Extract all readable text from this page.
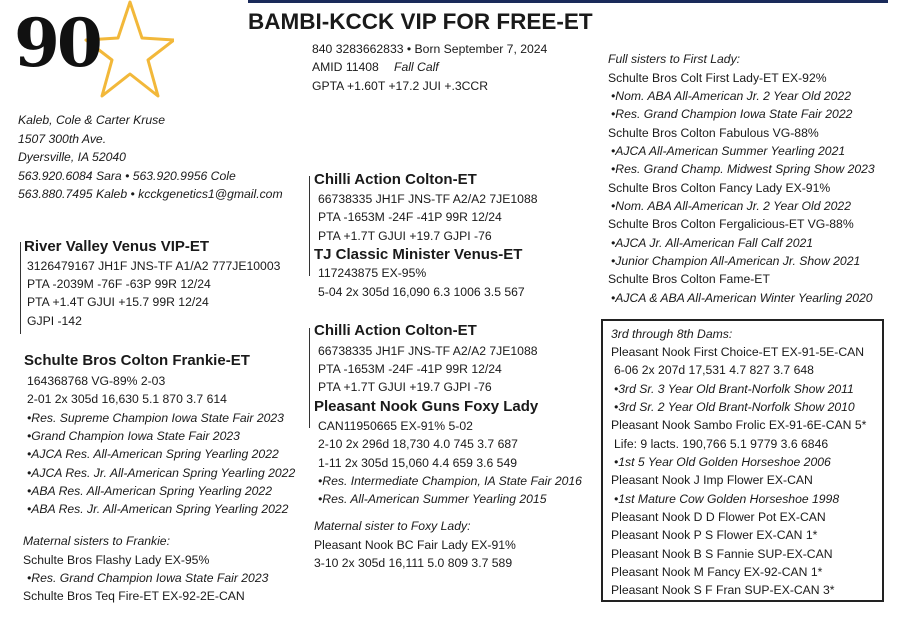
90	BAMBI-KCCK VIP FOR FREE-ET
840 3283662833 • Born September 7, 2024
AMID 11408 Fall Calf
GPTA +1.60T +17.2 JUI +.3CCR
Kaleb, Cole & Carter Kruse
1507 300th Ave.
Dyersville, IA 52040
563.920.6084 Sara • 563.920.9956 Cole
563.880.7495 Kaleb • kcckgenetics1@gmail.com
Chilli Action Colton-ET
66738335 JH1F JNS-TF A2/A2 7JE1088
PTA -1653M -24F -41P 99R 12/24
PTA +1.7T GJUI +19.7 GJPI -76
TJ Classic Minister Venus-ET
117243875 EX-95%
5-04 2x 305d 16,090 6.3 1006 3.5 567
River Valley Venus VIP-ET
3126479167 JH1F JNS-TF A1/A2 777JE10003
PTA -2039M -76F -63P 99R 12/24
PTA +1.4T GJUI +15.7 99R 12/24
GJPI -142
Schulte Bros Colton Frankie-ET
164368768 VG-89% 2-03
2-01 2x 305d 16,630 5.1 870 3.7 614
•Res. Supreme Champion Iowa State Fair 2023
•Grand Champion Iowa State Fair 2023
•AJCA Res. All-American Spring Yearling 2022
•AJCA Res. Jr. All-American Spring Yearling 2022
•ABA Res. All-American Spring Yearling 2022
•ABA Res. Jr. All-American Spring Yearling 2022
Maternal sisters to Frankie:
Schulte Bros Flashy Lady EX-95%
•Res. Grand Champion Iowa State Fair 2023
Schulte Bros Teq Fire-ET EX-92-2E-CAN
Chilli Action Colton-ET
66738335 JH1F JNS-TF A2/A2 7JE1088
PTA -1653M -24F -41P 99R 12/24
PTA +1.7T GJUI +19.7 GJPI -76
Pleasant Nook Guns Foxy Lady
CAN11950665 EX-91% 5-02
2-10 2x 296d 18,730 4.0 745 3.7 687
1-11 2x 305d 15,060 4.4 659 3.6 549
•Res. Intermediate Champion, IA State Fair 2016
•Res. All-American Summer Yearling 2015
Maternal sister to Foxy Lady:
Pleasant Nook BC Fair Lady EX-91%
3-10 2x 305d 16,111 5.0 809 3.7 589
Full sisters to First Lady:
Schulte Bros Colt First Lady-ET EX-92%
•Nom. ABA All-American Jr. 2 Year Old 2022
•Res. Grand Champion Iowa State Fair 2022
Schulte Bros Colton Fabulous VG-88%
•AJCA All-American Summer Yearling 2021
•Res. Grand Champ. Midwest Spring Show 2023
Schulte Bros Colton Fancy Lady EX-91%
•Nom. ABA All-American Jr. 2 Year Old 2022
Schulte Bros Colton Fergalicious-ET VG-88%
•AJCA Jr. All-American Fall Calf 2021
•Junior Champion All-American Jr. Show 2021
Schulte Bros Colton Fame-ET
•AJCA & ABA All-American Winter Yearling 2020
3rd through 8th Dams:
Pleasant Nook First Choice-ET EX-91-5E-CAN
6-06 2x 207d 17,531 4.7 827 3.7 648
•3rd Sr. 3 Year Old Brant-Norfolk Show 2011
•3rd Sr. 2 Year Old Brant-Norfolk Show 2010
Pleasant Nook Sambo Frolic EX-91-6E-CAN 5*
Life: 9 lacts. 190,766 5.1 9779 3.6 6846
•1st 5 Year Old Golden Horseshoe 2006
Pleasant Nook J Imp Flower EX-CAN
•1st Mature Cow Golden Horseshoe 1998
Pleasant Nook D D Flower Pot EX-CAN
Pleasant Nook P S Flower EX-CAN 1*
Pleasant Nook B S Fannie SUP-EX-CAN
Pleasant Nook M Fancy EX-92-CAN 1*
Pleasant Nook S F Fran SUP-EX-CAN 3*
